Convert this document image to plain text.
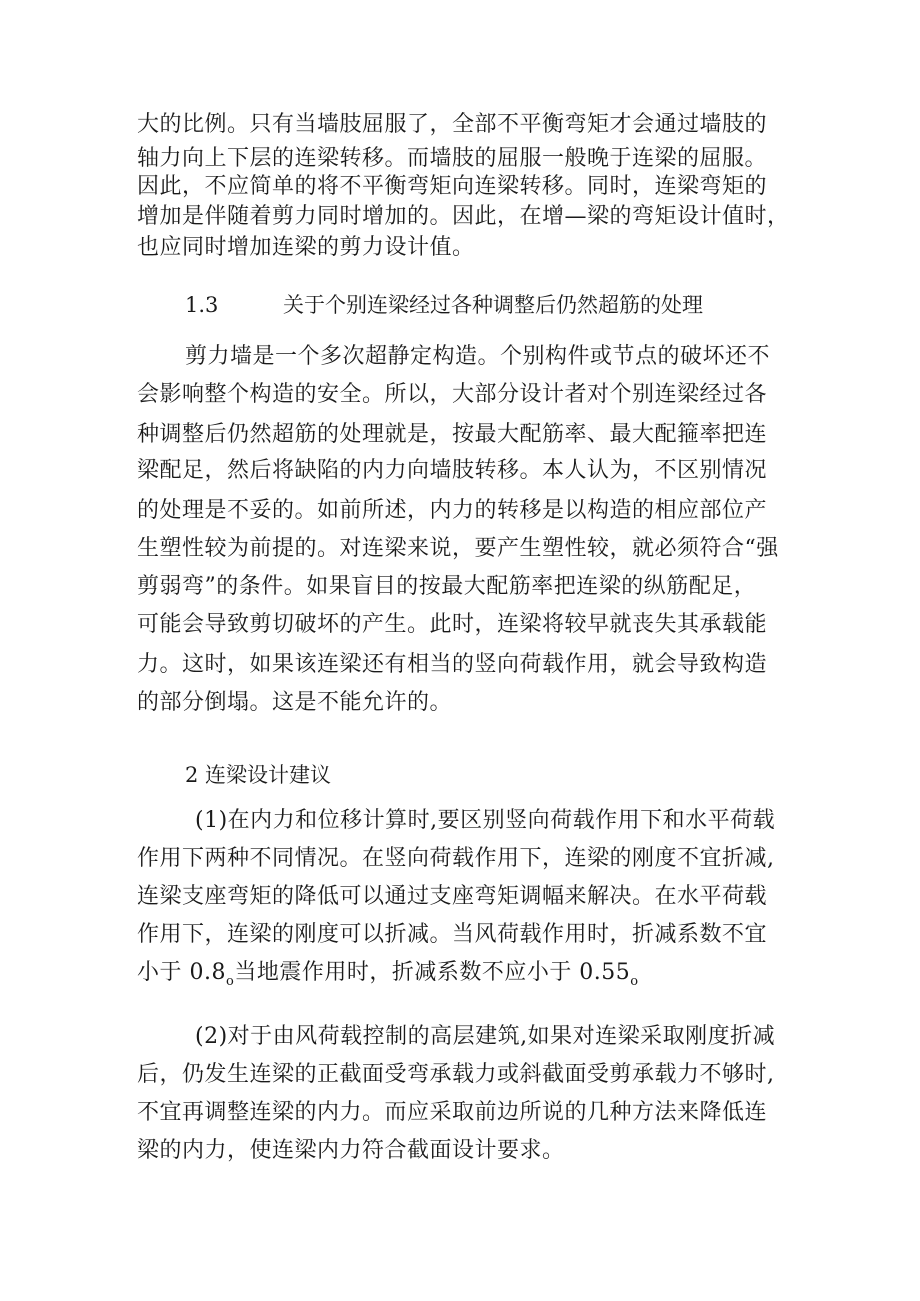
大的比例。只有当墙肢屈服了，全部不平衡弯矩才会通过墙肢的
轴力向上下层的连梁转移。而墙肢的屈服一般晚于连梁的屈服。
因此，不应简单的将不平衡弯矩向连梁转移。同时，连梁弯矩的
增加是伴随着剪力同时增加的。因此，在增—梁的弯矩设计值时，
也应同时增加连梁的剪力设计值。
1.3	关于个别连梁经过各种调整后仍然超筋的处理
剪力墙是一个多次超静定构造。个别构件或节点的破坏还不
会影响整个构造的安全。所以，大部分设计者对个别连梁经过各
种调整后仍然超筋的处理就是，按最大配筋率、最大配箍率把连
梁配足，然后将缺陷的内力向墙肢转移。本人认为，不区别情况
的处理是不妥的。如前所述，内力的转移是以构造的相应部位产
生塑性较为前提的。对连梁来说，要产生塑性较，就必须符合“强
剪弱弯”的条件。如果盲目的按最大配筋率把连梁的纵筋配足，
可能会导致剪切破坏的产生。此时，连梁将较早就丧失其承载能
力。这时，如果该连梁还有相当的竖向荷载作用，就会导致构造
的部分倒塌。这是不能允许的。
2 连梁设计建议
(1)在内力和位移计算时,要区别竖向荷载作用下和水平荷载
作用下两种不同情况。在竖向荷载作用下，连梁的刚度不宜折减,
连梁支座弯矩的降低可以通过支座弯矩调幅来解决。在水平荷载
作用下，连梁的刚度可以折减。当风荷载作用时，折减系数不宜
小于 $0.8_o$当地震作用时，折减系数不应小于 $0.55_o$
(2)对于由风荷载控制的高层建筑,如果对连梁采取刚度折减
后，仍发生连梁的正截面受弯承载力或斜截面受剪承载力不够时,
不宜再调整连梁的内力。而应采取前边所说的几种方法来降低连
梁的内力，使连梁内力符合截面设计要求。
